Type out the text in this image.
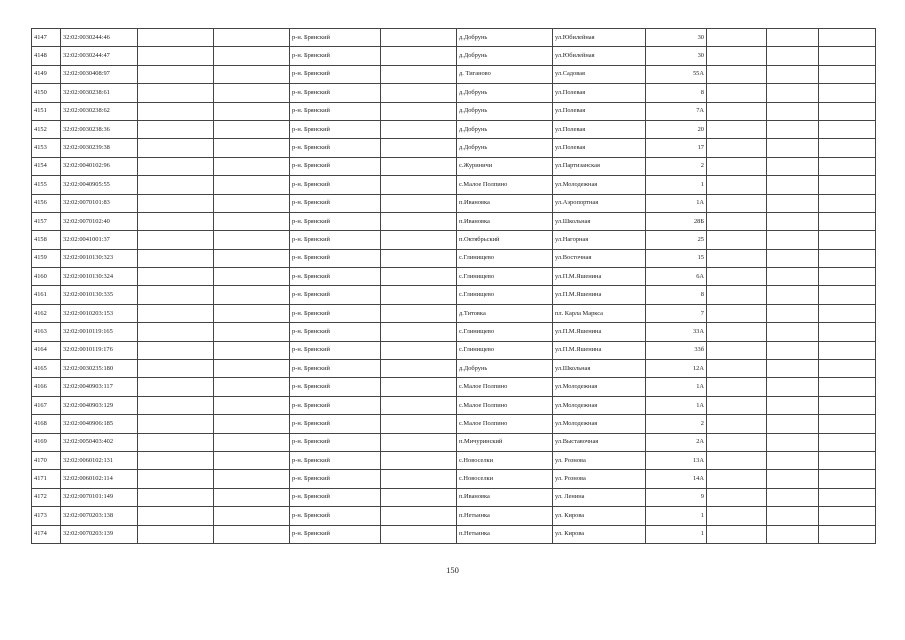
4147	32:02:0030244:46			р-н. Брянский		д.Добрунь	ул.Юбилейная	30			
4148	32:02:0030244:47			р-н. Брянский		д.Добрунь	ул.Юбилейная	30			
4149	32:02:0030408:97			р-н. Брянский		д. Тиганово	ул.Садовая	55А			
4150	32:02:0030238:61			р-н. Брянский		д.Добрунь	ул.Полевая	8			
4151	32:02:0030238:62			р-н. Брянский		д.Добрунь	ул.Полевая	7А			
4152	32:02:0030238:36			р-н. Брянский		д.Добрунь	ул.Полевая	20			
4153	32:02:0030239:38			р-н. Брянский		д.Добрунь	ул.Полевая	17			
4154	32:02:0040102:96			р-н. Брянский		с.Журиничи	ул.Партизанская	2			
4155	32:02:0040905:55			р-н. Брянский		с.Малое Полпино	ул.Молодежная	1			
4156	32:02:0070101:83			р-н. Брянский		п.Ивановка	ул.Аэропортная	1А			
4157	32:02:0070102:40			р-н. Брянский		п.Ивановка	ул.Школьная	28Б			
4158	32:02:0041001:37			р-н. Брянский		п.Октябрьский	ул.Нагорная	25			
4159	32:02:0010130:323			р-н. Брянский		с.Глинищево	ул.Восточная	15			
4160	32:02:0010130:324			р-н. Брянский		с.Глинищево	ул.П.М.Яшенина	6А			
4161	32:02:0010130:335			р-н. Брянский		с.Глинищево	ул.П.М.Яшенина	8			
4162	32:02:0010203:153			р-н. Брянский		д.Титовка	пл. Карла Маркса	7			
4163	32:02:0010119:165			р-н. Брянский		с.Глинищево	ул.П.М.Яшенина	33А			
4164	32:02:0010119:176			р-н. Брянский		с.Глинищево	ул.П.М.Яшенина	33б			
4165	32:02:0030235:180			р-н. Брянский		д.Добрунь	ул.Школьная	12А			
4166	32:02:0040903:117			р-н. Брянский		с.Малое Полпино	ул.Молодежная	1А			
4167	32:02:0040903:129			р-н. Брянский		с.Малое Полпино	ул.Молодежная	1А			
4168	32:02:0040906:185			р-н. Брянский		с.Малое Полпино	ул.Молодежная	2			
4169	32:02:0050403:402			р-н. Брянский		п.Мичуринский	ул.Выставочная	2А			
4170	32:02:0060102:131			р-н. Брянский		с.Новоселки	ул. Рознова	13А			
4171	32:02:0060102:114			р-н. Брянский		с.Новоселки	ул. Рознова	14А			
4172	32:02:0070101:149			р-н. Брянский		п.Ивановка	ул. Ленина	9			
4173	32:02:0070203:138			р-н. Брянский		п.Нетьинка	ул. Кирова	1			
4174	32:02:0070203:139			р-н. Брянский		п.Нетьинка	ул. Кирова	1			
150
